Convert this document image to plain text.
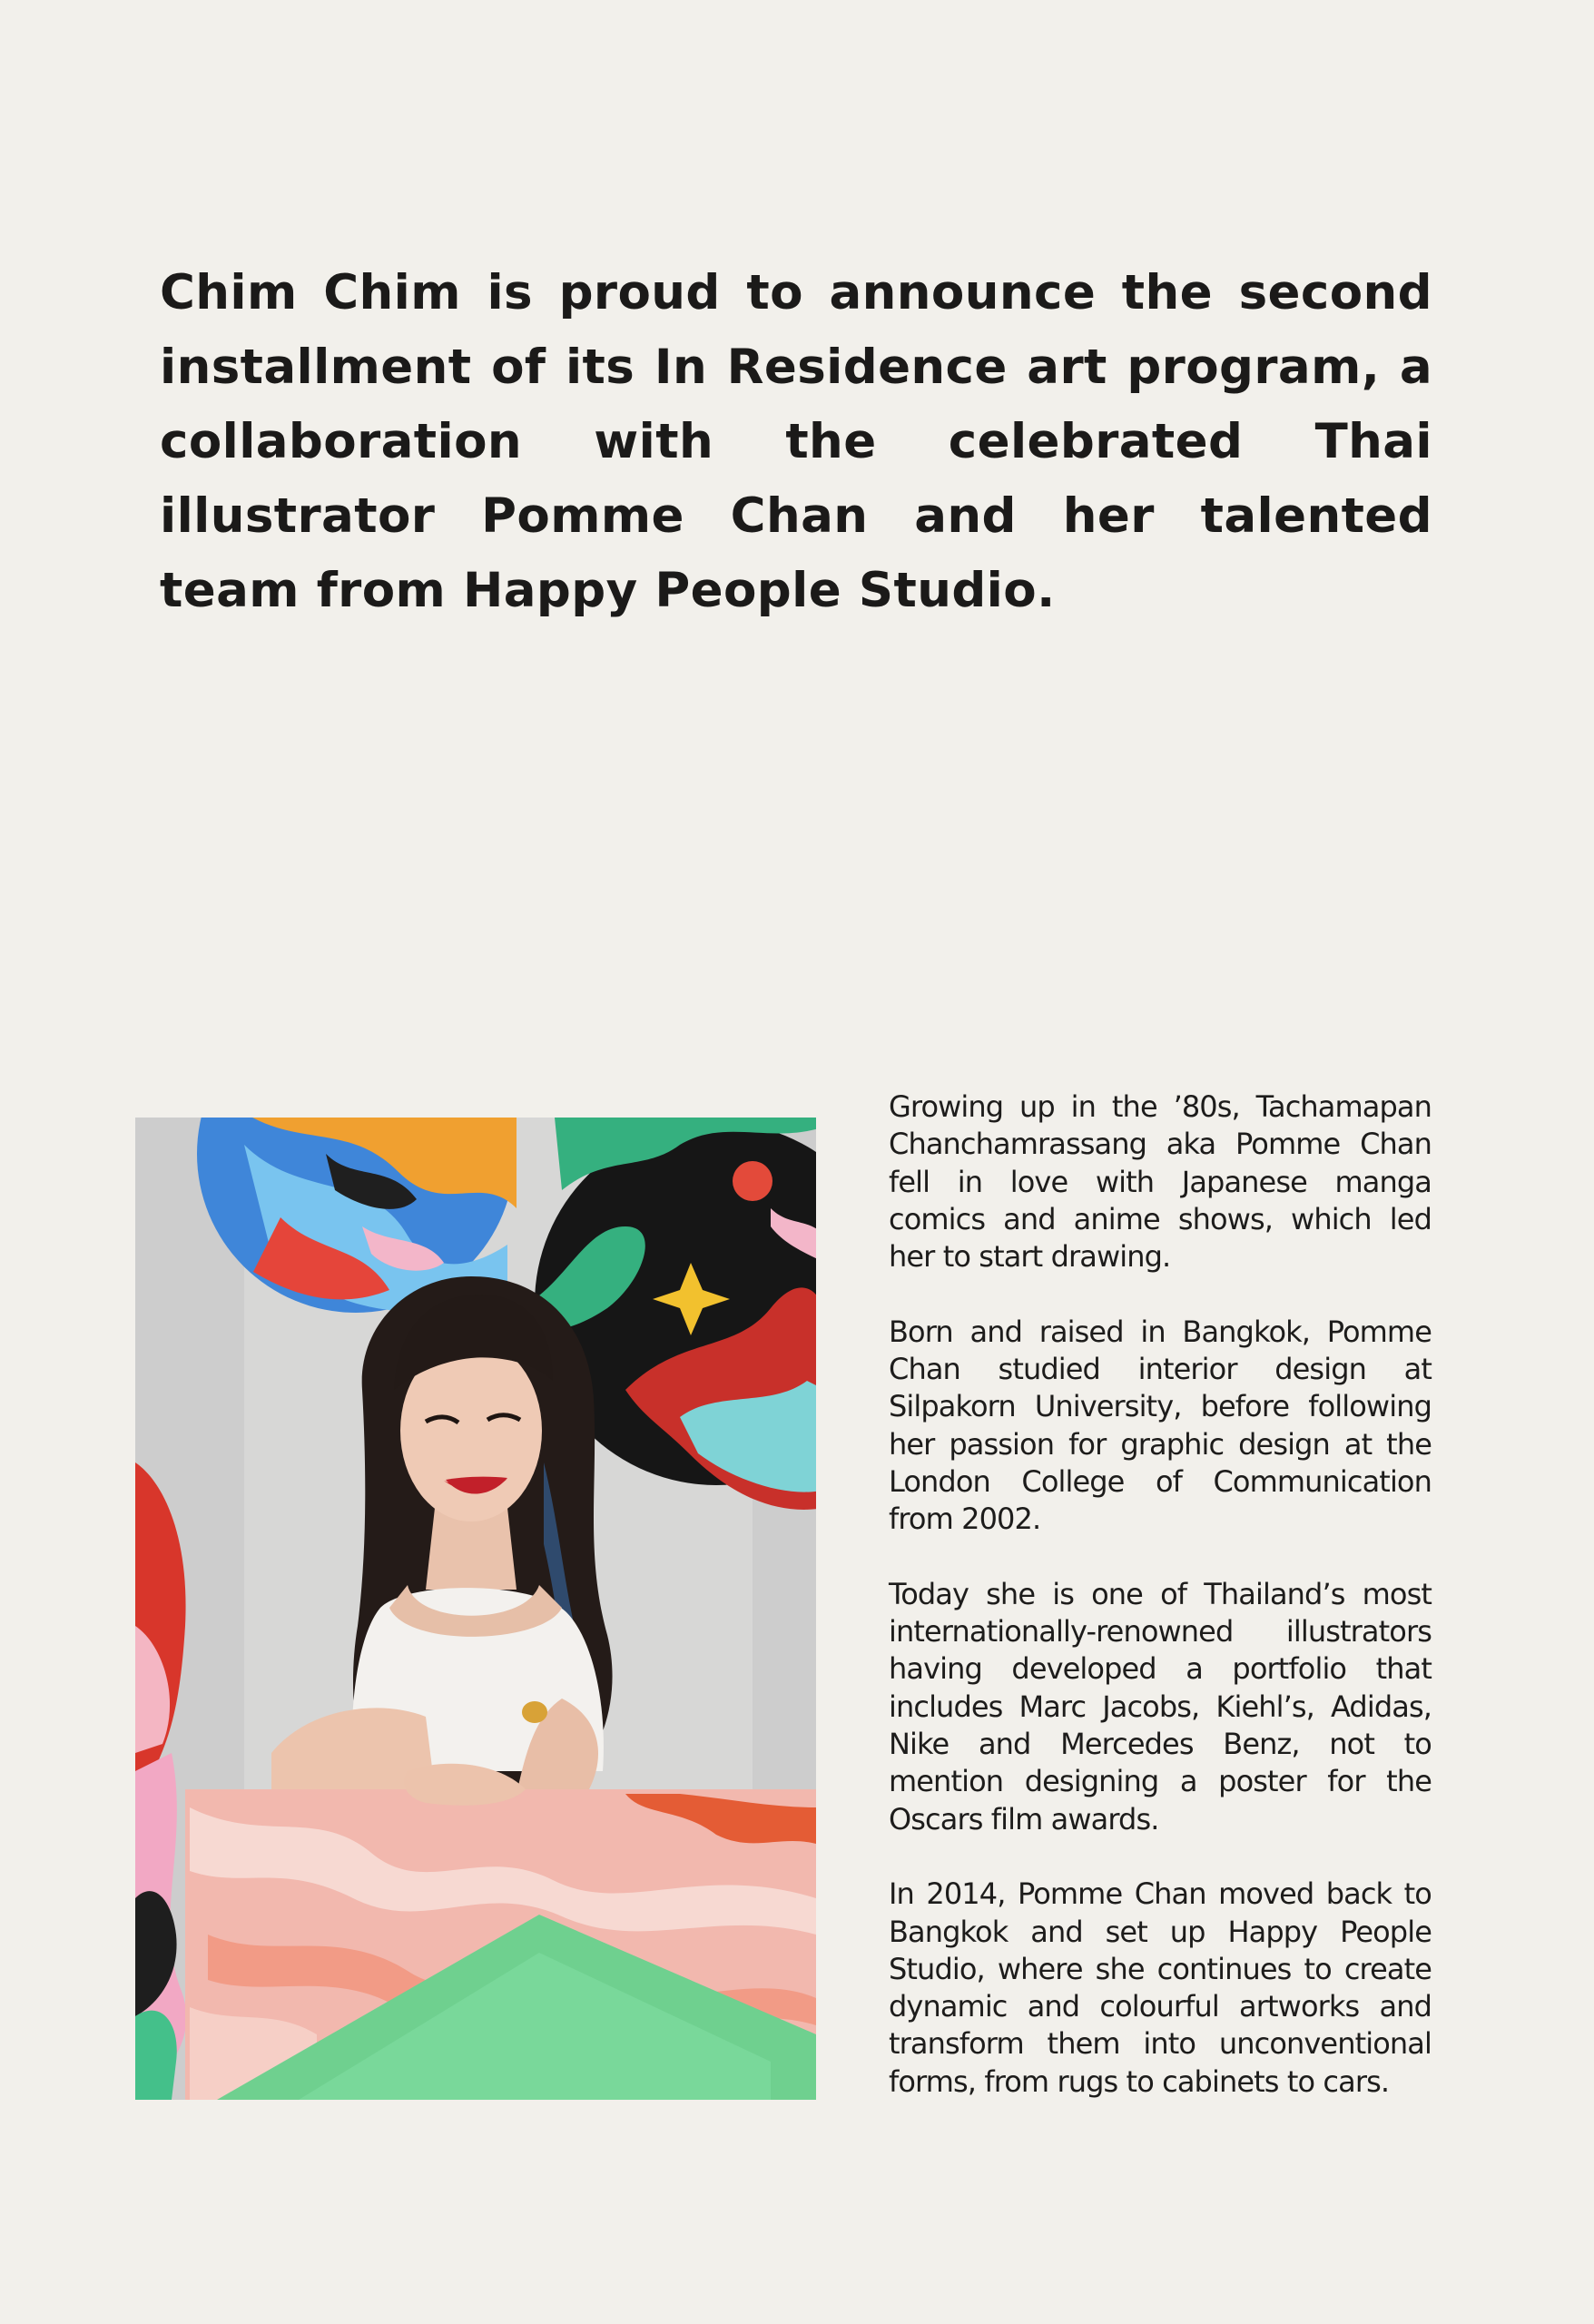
Chim Chim is proud to announce the second installment of its In Residence art program, a collaboration with the celebrated Thai illustrator Pomme Chan and her talented team from Happy People Studio.

Growing up in the ’80s, Tachamapan Chanchamrassang aka Pomme Chan fell in love with Japanese manga comics and anime shows, which led her to start drawing.

Born and raised in Bangkok, Pomme Chan studied interior design at Silpakorn University, before following her passion for graphic design at the London College of Communication from 2002.

Today she is one of Thailand’s most internationally-renowned illustrators having developed a portfolio that includes Marc Jacobs, Kiehl’s, Adidas, Nike and Mercedes Benz, not to mention designing a poster for the Oscars film awards.

In 2014, Pomme Chan moved back to Bangkok and set up Happy People Studio, where she continues to create dynamic and colourful artworks and transform them into unconventional forms, from rugs to cabinets to cars.
